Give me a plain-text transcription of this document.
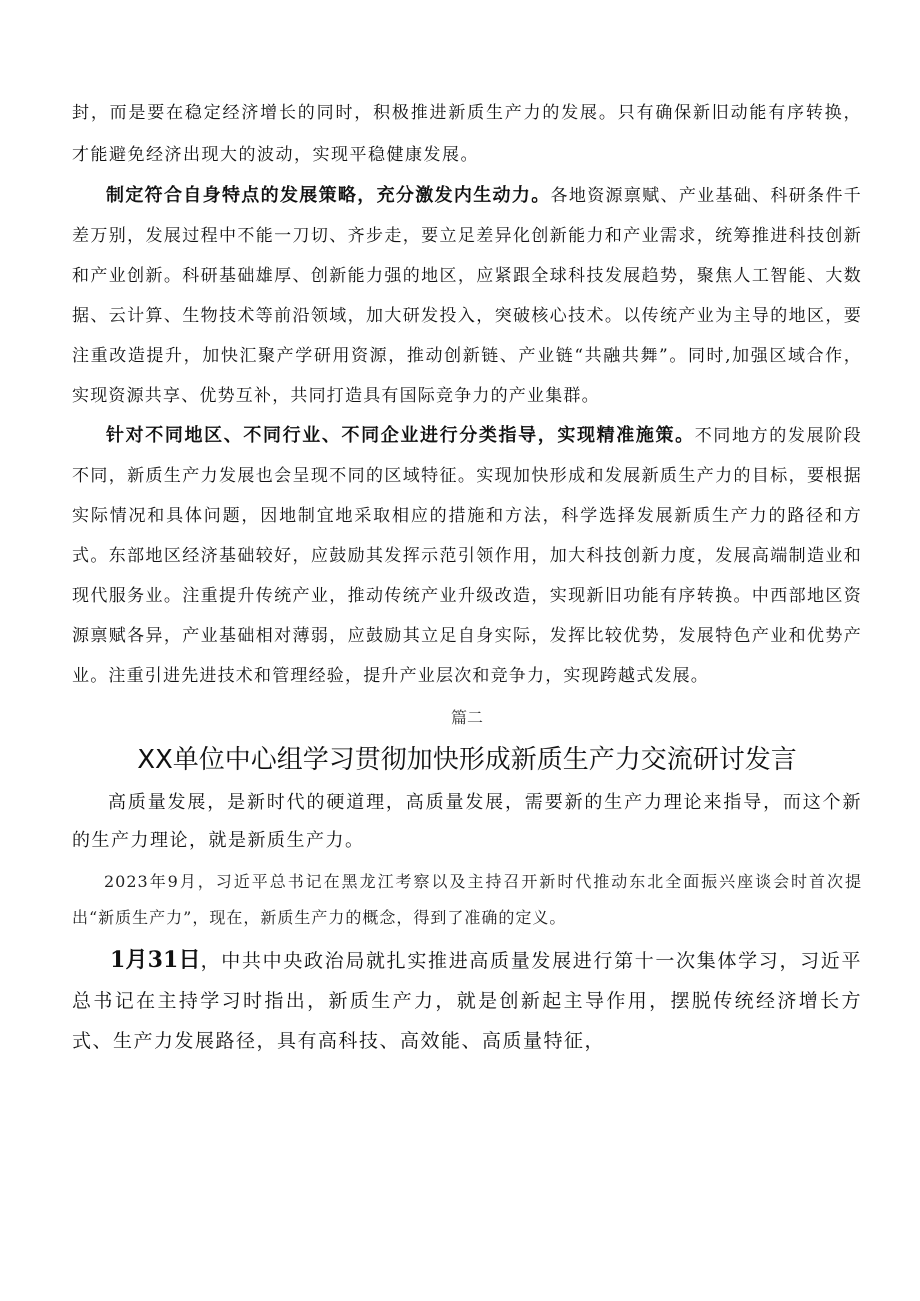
封，而是要在稳定经济增长的同时，积极推进新质生产力的发展。只有确保新旧动能有序转换，才能避免经济出现大的波动，实现平稳健康发展。

制定符合自身特点的发展策略，充分激发内生动力。各地资源禀赋、产业基础、科研条件千差万别，发展过程中不能一刀切、齐步走，要立足差异化创新能力和产业需求，统筹推进科技创新和产业创新。科研基础雄厚、创新能力强的地区，应紧跟全球科技发展趋势，聚焦人工智能、大数据、云计算、生物技术等前沿领域，加大研发投入，突破核心技术。以传统产业为主导的地区，要注重改造提升，加快汇聚产学研用资源，推动创新链、产业链“共融共舞”。同时,加强区域合作，实现资源共享、优势互补，共同打造具有国际竞争力的产业集群。

针对不同地区、不同行业、不同企业进行分类指导，实现精准施策。不同地方的发展阶段不同，新质生产力发展也会呈现不同的区域特征。实现加快形成和发展新质生产力的目标，要根据实际情况和具体问题，因地制宜地采取相应的措施和方法，科学选择发展新质生产力的路径和方式。东部地区经济基础较好，应鼓励其发挥示范引领作用，加大科技创新力度，发展高端制造业和现代服务业。注重提升传统产业，推动传统产业升级改造，实现新旧功能有序转换。中西部地区资源禀赋各异，产业基础相对薄弱，应鼓励其立足自身实际，发挥比较优势，发展特色产业和优势产业。注重引进先进技术和管理经验，提升产业层次和竞争力，实现跨越式发展。

篇二
XX单位中心组学习贯彻加快形成新质生产力交流研讨发言

高质量发展，是新时代的硬道理，高质量发展，需要新的生产力理论来指导，而这个新的生产力理论，就是新质生产力。

2023年9月，习近平总书记在黑龙江考察以及主持召开新时代推动东北全面振兴座谈会时首次提出“新质生产力”，现在，新质生产力的概念，得到了准确的定义。

1月31日，中共中央政治局就扎实推进高质量发展进行第十一次集体学习，习近平总书记在主持学习时指出，新质生产力，就是创新起主导作用，摆脱传统经济增长方式、生产力发展路径，具有高科技、高效能、高质量特征，
